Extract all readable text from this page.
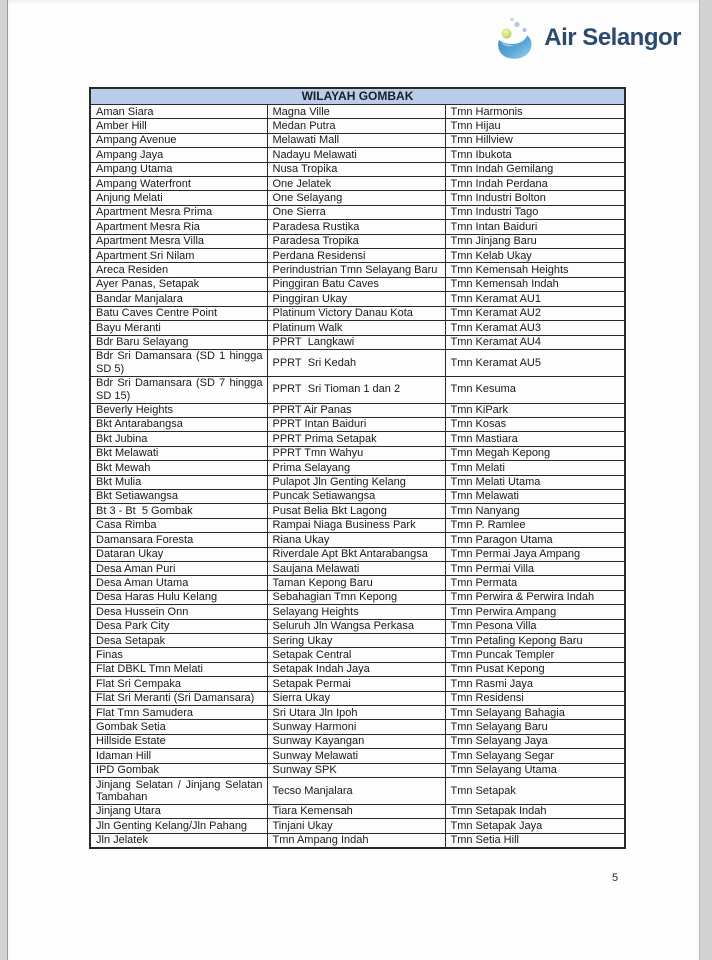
Air Selangor
WILAYAH GOMBAK		
Aman Siara	Magna Ville	Tmn Harmonis
Amber Hill	Medan Putra	Tmn Hijau
Ampang Avenue	Melawati Mall	Tmn Hillview
Ampang Jaya	Nadayu Melawati	Tmn Ibukota
Ampang Utama	Nusa Tropika	Tmn Indah Gemilang
Ampang Waterfront	One Jelatek	Tmn Indah Perdana
Anjung Melati	One Selayang	Tmn Industri Bolton
Apartment Mesra Prima	One Sierra	Tmn Industri Tago
Apartment Mesra Ria	Paradesa Rustika	Tmn Intan Baiduri
Apartment Mesra Villa	Paradesa Tropika	Tmn Jinjang Baru
Apartment Sri Nilam	Perdana Residensi	Tmn Kelab Ukay
Areca Residen	Perindustrian Tmn Selayang Baru	Tmn Kemensah Heights
Ayer Panas, Setapak	Pinggiran Batu Caves	Tmn Kemensah Indah
Bandar Manjalara	Pinggiran Ukay	Tmn Keramat AU1
Batu Caves Centre Point	Platinum Victory Danau Kota	Tmn Keramat AU2
Bayu Meranti	Platinum Walk	Tmn Keramat AU3
Bdr Baru Selayang	PPRT  Langkawi	Tmn Keramat AU4
Bdr Sri Damansara (SD 1 hingga SD 5)	PPRT  Sri Kedah	Tmn Keramat AU5
Bdr Sri Damansara (SD 7 hingga SD 15)	PPRT  Sri Tioman 1 dan 2	Tmn Kesuma
Beverly Heights	PPRT Air Panas	Tmn KiPark
Bkt Antarabangsa	PPRT Intan Baiduri	Tmn Kosas
Bkt Jubina	PPRT Prima Setapak	Tmn Mastiara
Bkt Melawati	PPRT Tmn Wahyu	Tmn Megah Kepong
Bkt Mewah	Prima Selayang	Tmn Melati
Bkt Mulia	Pulapot Jln Genting Kelang	Tmn Melati Utama
Bkt Setiawangsa	Puncak Setiawangsa	Tmn Melawati
Bt 3 - Bt  5 Gombak	Pusat Belia Bkt Lagong	Tmn Nanyang
Casa Rimba	Rampai Niaga Business Park	Tmn P. Ramlee
Damansara Foresta	Riana Ukay	Tmn Paragon Utama
Dataran Ukay	Riverdale Apt Bkt Antarabangsa	Tmn Permai Jaya Ampang
Desa Aman Puri	Saujana Melawati	Tmn Permai Villa
Desa Aman Utama	Taman Kepong Baru	Tmn Permata
Desa Haras Hulu Kelang	Sebahagian Tmn Kepong	Tmn Perwira & Perwira Indah
Desa Hussein Onn	Selayang Heights	Tmn Perwira Ampang
Desa Park City	Seluruh Jln Wangsa Perkasa	Tmn Pesona Villa
Desa Setapak	Sering Ukay	Tmn Petaling Kepong Baru
Finas	Setapak Central	Tmn Puncak Templer
Flat DBKL Tmn Melati	Setapak Indah Jaya	Tmn Pusat Kepong
Flat Sri Cempaka	Setapak Permai	Tmn Rasmi Jaya
Flat Sri Meranti (Sri Damansara)	Sierra Ukay	Tmn Residensi
Flat Tmn Samudera	Sri Utara Jln Ipoh	Tmn Selayang Bahagia
Gombak Setia	Sunway Harmoni	Tmn Selayang Baru
Hillside Estate	Sunway Kayangan	Tmn Selayang Jaya
Idaman Hill	Sunway Melawati	Tmn Selayang Segar
IPD Gombak	Sunway SPK	Tmn Selayang Utama
Jinjang Selatan / Jinjang Selatan Tambahan	Tecso Manjalara	Tmn Setapak
Jinjang Utara	Tiara Kemensah	Tmn Setapak Indah
Jln Genting Kelang/Jln Pahang	Tinjani Ukay	Tmn Setapak Jaya
Jln Jelatek	Tmn Ampang Indah	Tmn Setia Hill
5
